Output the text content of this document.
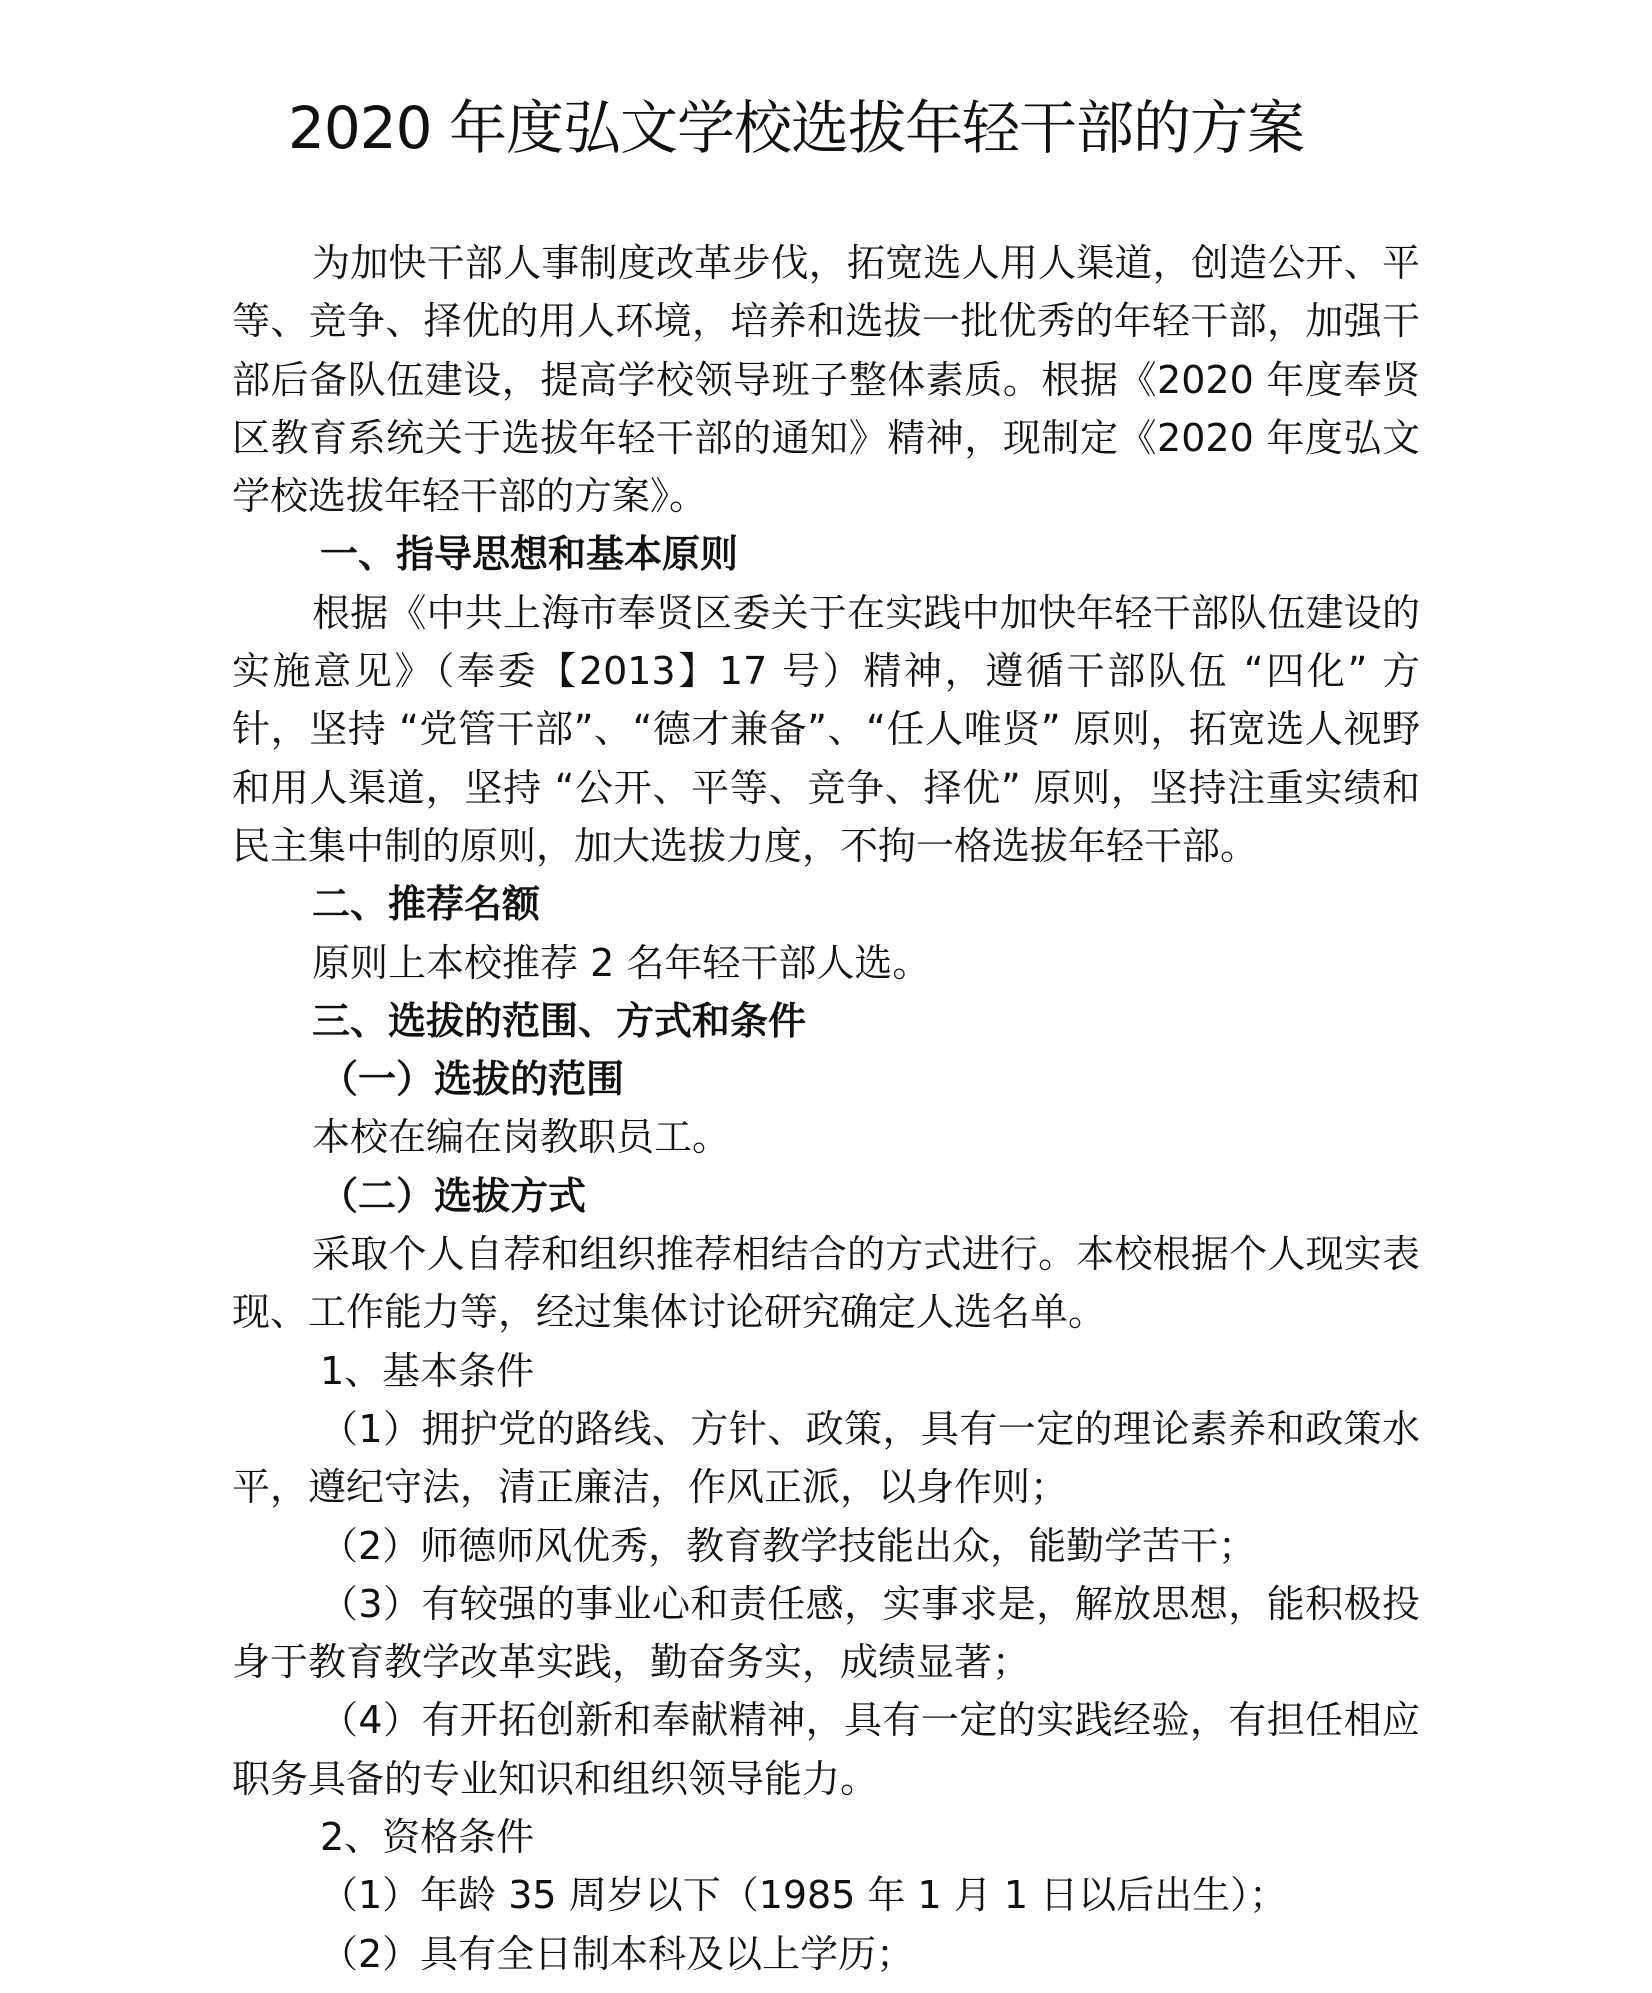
2020 年度弘文学校选拔年轻干部的方案

为加快干部人事制度改革步伐，拓宽选人用人渠道，创造公开、平等、竞争、择优的用人环境，培养和选拔一批优秀的年轻干部，加强干部后备队伍建设，提高学校领导班子整体素质。根据《2020 年度奉贤区教育系统关于选拔年轻干部的通知》精神，现制定《2020 年度弘文学校选拔年轻干部的方案》。

一、指导思想和基本原则

根据《中共上海市奉贤区委关于在实践中加快年轻干部队伍建设的实施意见》（奉委【2013】17 号）精神，遵循干部队伍 “四化” 方针，坚持 “党管干部”、“德才兼备”、“任人唯贤” 原则，拓宽选人视野和用人渠道，坚持 “公开、平等、竞争、择优” 原则，坚持注重实绩和民主集中制的原则，加大选拔力度，不拘一格选拔年轻干部。

二、推荐名额

原则上本校推荐 2 名年轻干部人选。

三、选拔的范围、方式和条件

（一）选拔的范围

本校在编在岗教职员工。

（二）选拔方式

采取个人自荐和组织推荐相结合的方式进行。本校根据个人现实表现、工作能力等，经过集体讨论研究确定人选名单。

1、基本条件

（1）拥护党的路线、方针、政策，具有一定的理论素养和政策水平，遵纪守法，清正廉洁，作风正派，以身作则；

（2）师德师风优秀，教育教学技能出众，能勤学苦干；

（3）有较强的事业心和责任感，实事求是，解放思想，能积极投身于教育教学改革实践，勤奋务实，成绩显著；

（4）有开拓创新和奉献精神，具有一定的实践经验，有担任相应职务具备的专业知识和组织领导能力。

2、资格条件

（1）年龄 35 周岁以下（1985 年 1 月 1 日以后出生）；

（2）具有全日制本科及以上学历；
